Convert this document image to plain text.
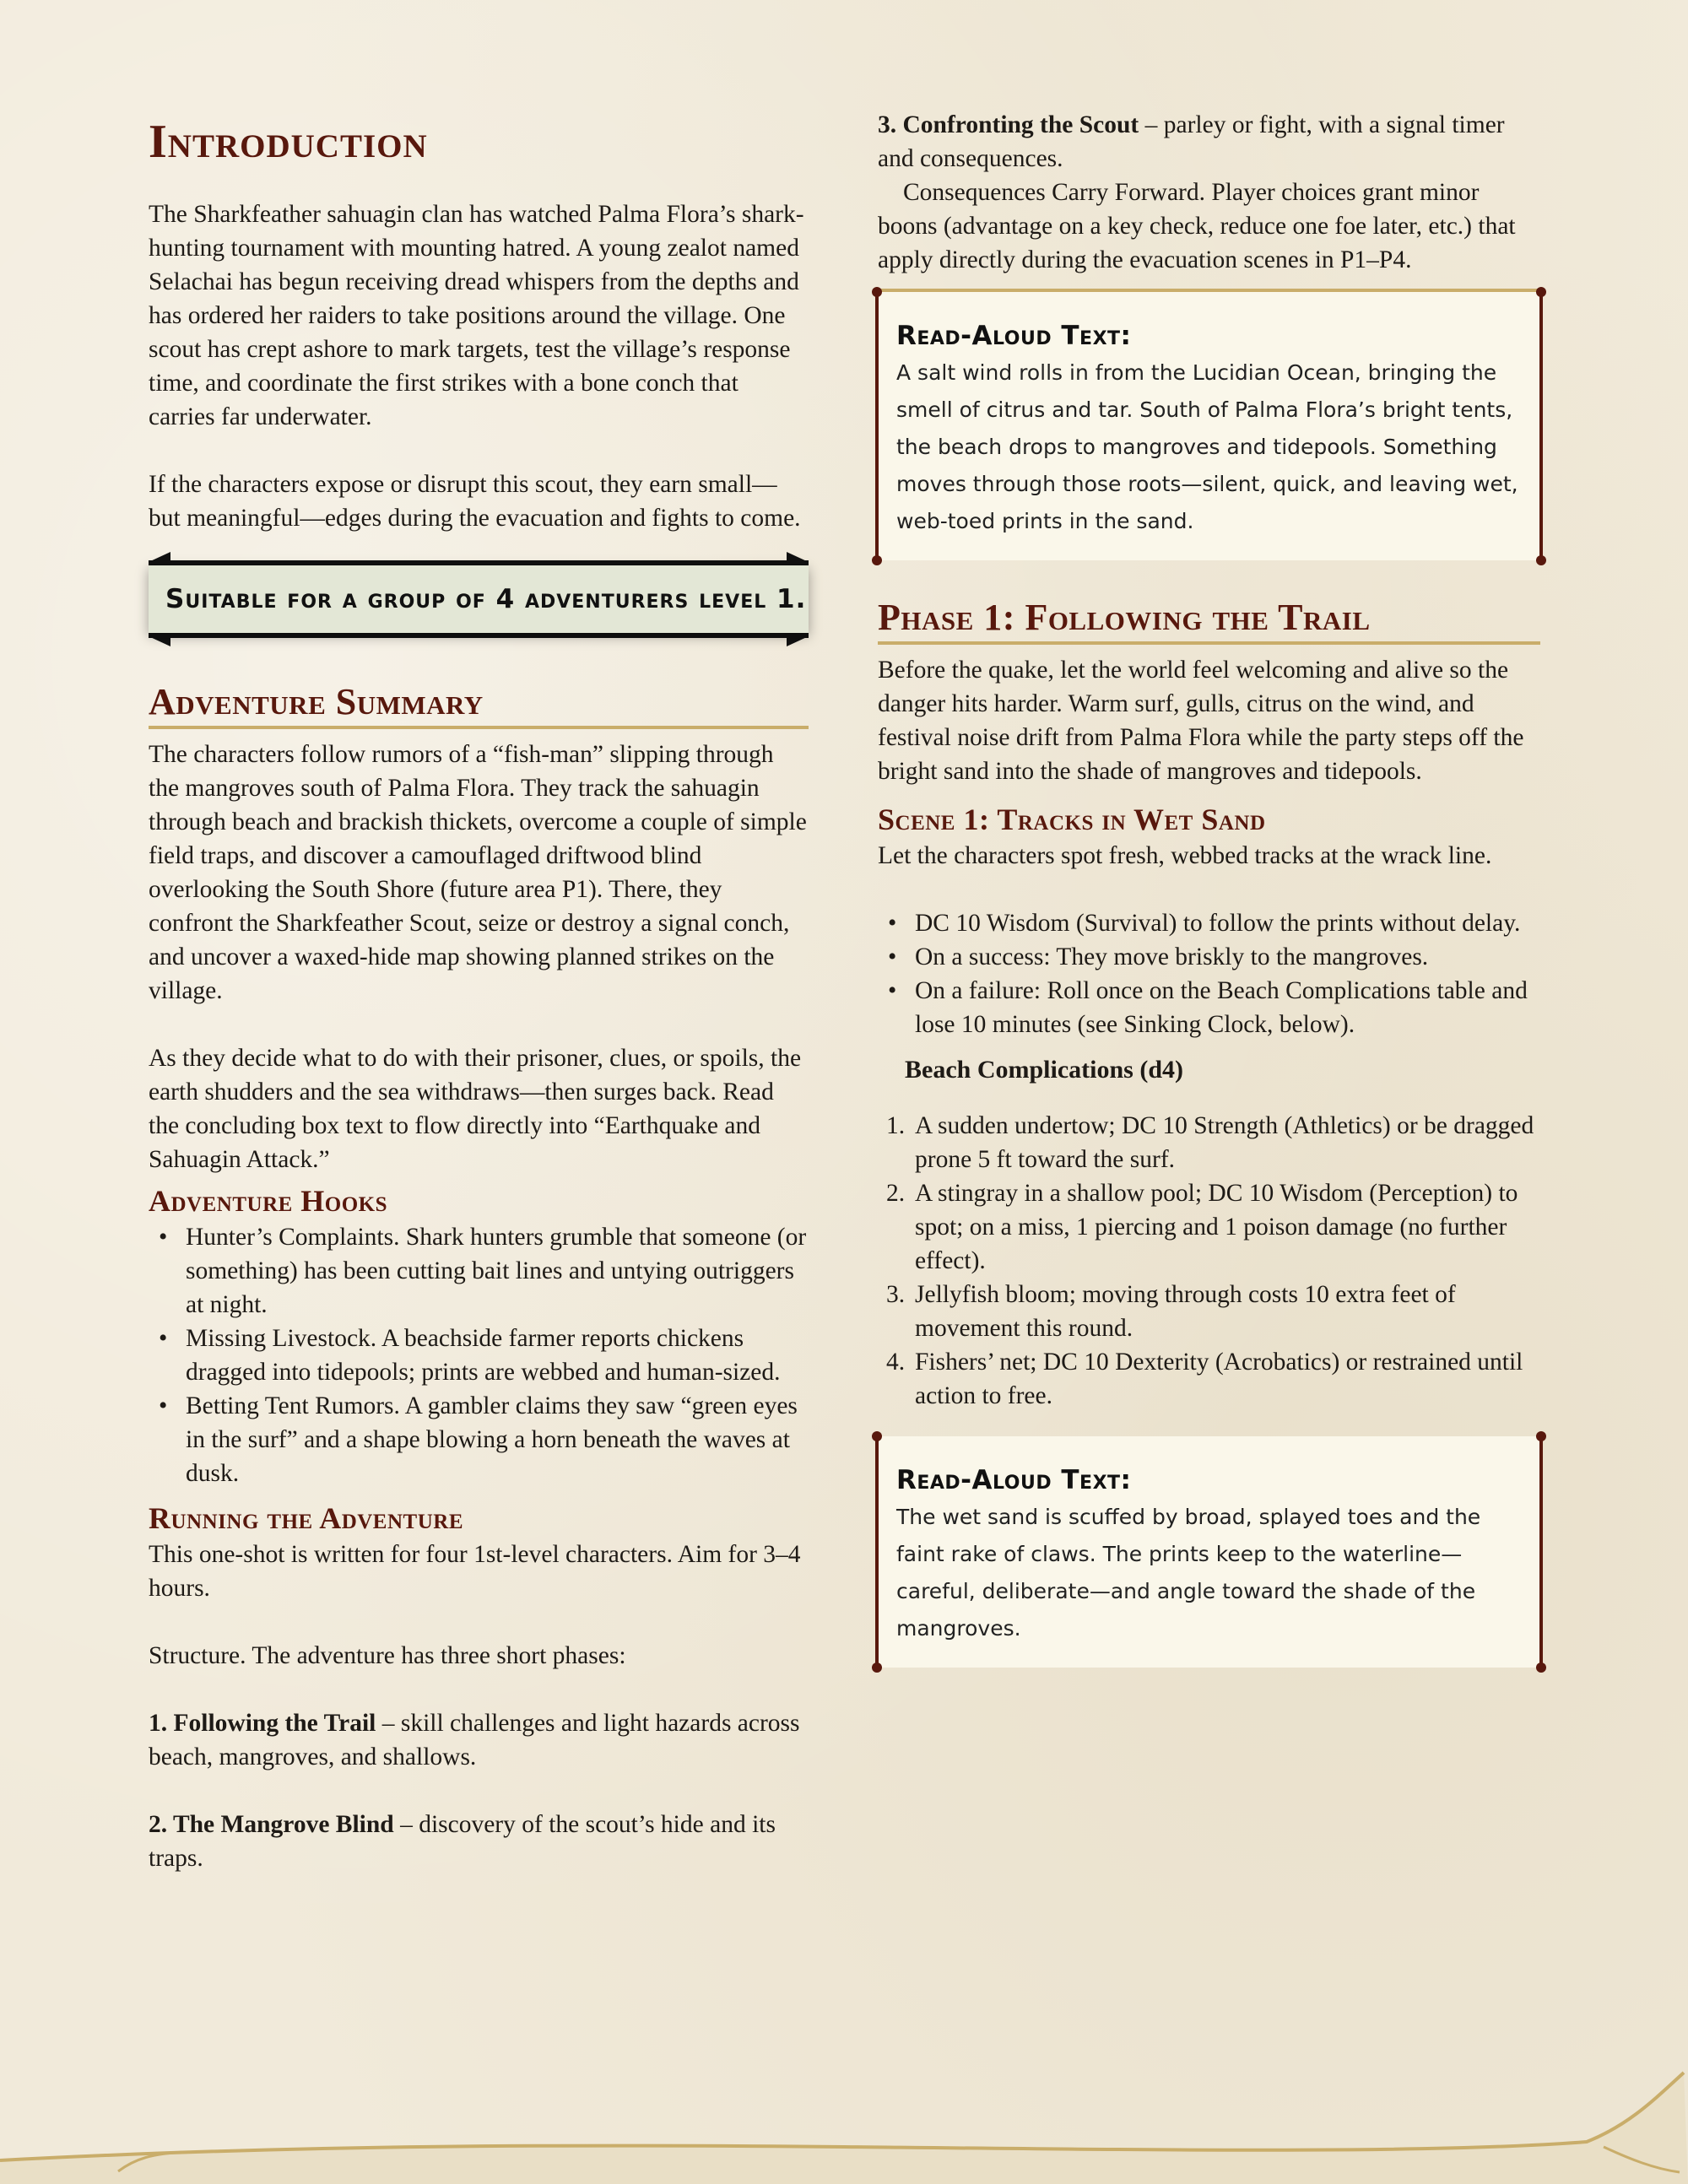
Introduction

The Sharkfeather sahuagin clan has watched Palma Flora’s shark-hunting tournament with mounting hatred. A young zealot named Selachai has begun receiving dread whispers from the depths and has ordered her raiders to take positions around the village. One scout has crept ashore to mark targets, test the village’s response time, and coordinate the first strikes with a bone conch that carries far underwater.

If the characters expose or disrupt this scout, they earn small—but meaningful—edges during the evacuation and fights to come.

Suitable for a group of 4 adventurers level 1.
Adventure Summary

The characters follow rumors of a “fish-man” slipping through the mangroves south of Palma Flora. They track the sahuagin through beach and brackish thickets, overcome a couple of simple field traps, and discover a camouflaged driftwood blind overlooking the South Shore (future area P1). There, they confront the Sharkfeather Scout, seize or destroy a signal conch, and uncover a waxed-hide map showing planned strikes on the village.

As they decide what to do with their prisoner, clues, or spoils, the earth shudders and the sea withdraws—then surges back. Read the concluding box text to flow directly into “Earthquake and Sahuagin Attack.”

Adventure Hooks
• Hunter’s Complaints. Shark hunters grumble that someone (or something) has been cutting bait lines and untying outriggers at night.
• Missing Livestock. A beachside farmer reports chickens dragged into tidepools; prints are webbed and human-sized.
• Betting Tent Rumors. A gambler claims they saw “green eyes in the surf” and a shape blowing a horn beneath the waves at dusk.
Running the Adventure

This one-shot is written for four 1st-level characters. Aim for 3–4 hours.

Structure. The adventure has three short phases:

1. Following the Trail – skill challenges and light hazards across beach, mangroves, and shallows.

2. The Mangrove Blind – discovery of the scout’s hide and its traps.

3. Confronting the Scout – parley or fight, with a signal timer and consequences.

Consequences Carry Forward. Player choices grant minor boons (advantage on a key check, reduce one foe later, etc.) that apply directly during the evacuation scenes in P1–P4.

Read-Aloud Text:
A salt wind rolls in from the Lucidian Ocean, bringing the smell of citrus and tar. South of Palma Flora’s bright tents, the beach drops to mangroves and tidepools. Something moves through those roots—silent, quick, and leaving wet, web-toed prints in the sand.
Phase 1: Following the Trail

Before the quake, let the world feel welcoming and alive so the danger hits harder. Warm surf, gulls, citrus on the wind, and festival noise drift from Palma Flora while the party steps off the bright sand into the shade of mangroves and tidepools.

Scene 1: Tracks in Wet Sand

Let the characters spot fresh, webbed tracks at the wrack line.

• DC 10 Wisdom (Survival) to follow the prints without delay.
• On a success: They move briskly to the mangroves.
• On a failure: Roll once on the Beach Complications table and lose 10 minutes (see Sinking Clock, below).
Beach Complications (d4)
A sudden undertow; DC 10 Strength (Athletics) or be dragged prone 5 ft toward the surf.
A stingray in a shallow pool; DC 10 Wisdom (Perception) to spot; on a miss, 1 piercing and 1 poison damage (no further effect).
Jellyfish bloom; moving through costs 10 extra feet of movement this round.
Fishers’ net; DC 10 Dexterity (Acrobatics) or restrained until action to free.
Read-Aloud Text:
The wet sand is scuffed by broad, splayed toes and the faint rake of claws. The prints keep to the waterline—careful, deliberate—and angle toward the shade of the mangroves.
